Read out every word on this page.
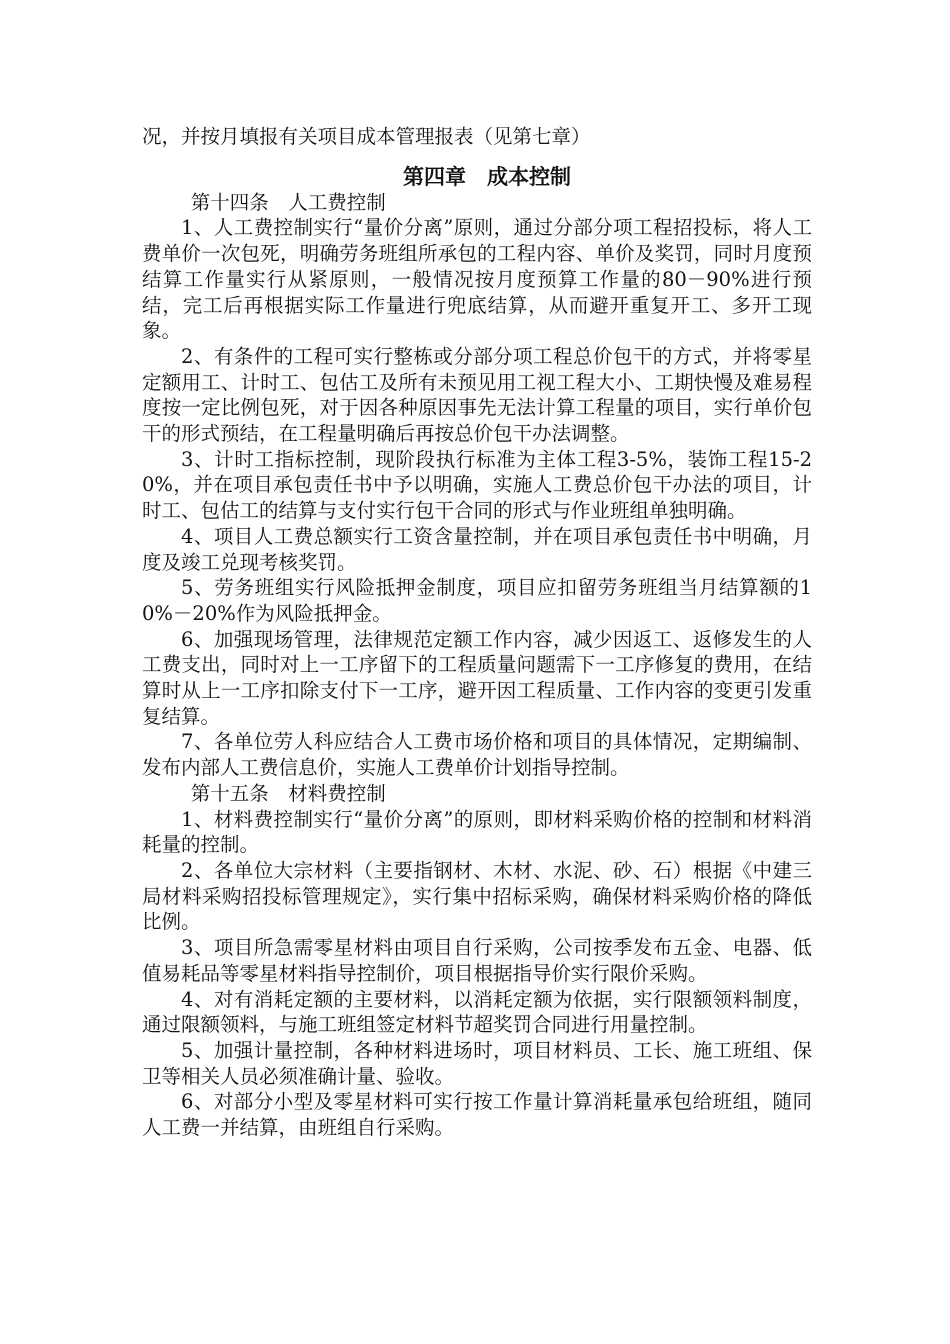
况，并按月填报有关项目成本管理报表（见第七章）

第四章　成本控制

第十四条　人工费控制

1、人工费控制实行“量价分离”原则，通过分部分项工程招投标，将人工费单价一次包死，明确劳务班组所承包的工程内容、单价及奖罚，同时月度预结算工作量实行从紧原则，一般情况按月度预算工作量的80－90%进行预结，完工后再根据实际工作量进行兜底结算，从而避开重复开工、多开工现象。

2、有条件的工程可实行整栋或分部分项工程总价包干的方式，并将零星定额用工、计时工、包估工及所有未预见用工视工程大小、工期快慢及难易程度按一定比例包死，对于因各种原因事先无法计算工程量的项目，实行单价包干的形式预结，在工程量明确后再按总价包干办法调整。

3、计时工指标控制，现阶段执行标准为主体工程3-5%，装饰工程15-20%，并在项目承包责任书中予以明确，实施人工费总价包干办法的项目，计时工、包估工的结算与支付实行包干合同的形式与作业班组单独明确。

4、项目人工费总额实行工资含量控制，并在项目承包责任书中明确，月度及竣工兑现考核奖罚。

5、劳务班组实行风险抵押金制度，项目应扣留劳务班组当月结算额的10%－20%作为风险抵押金。

6、加强现场管理，法律规范定额工作内容，减少因返工、返修发生的人工费支出，同时对上一工序留下的工程质量问题需下一工序修复的费用，在结算时从上一工序扣除支付下一工序，避开因工程质量、工作内容的变更引发重复结算。

7、各单位劳人科应结合人工费市场价格和项目的具体情况，定期编制、发布内部人工费信息价，实施人工费单价计划指导控制。

第十五条　材料费控制

1、材料费控制实行“量价分离”的原则，即材料采购价格的控制和材料消耗量的控制。

2、各单位大宗材料（主要指钢材、木材、水泥、砂、石）根据《中建三局材料采购招投标管理规定》，实行集中招标采购，确保材料采购价格的降低比例。

3、项目所急需零星材料由项目自行采购，公司按季发布五金、电器、低值易耗品等零星材料指导控制价，项目根据指导价实行限价采购。

4、对有消耗定额的主要材料，以消耗定额为依据，实行限额领料制度，通过限额领料，与施工班组签定材料节超奖罚合同进行用量控制。

5、加强计量控制，各种材料进场时，项目材料员、工长、施工班组、保卫等相关人员必须准确计量、验收。

6、对部分小型及零星材料可实行按工作量计算消耗量承包给班组，随同人工费一并结算，由班组自行采购。
